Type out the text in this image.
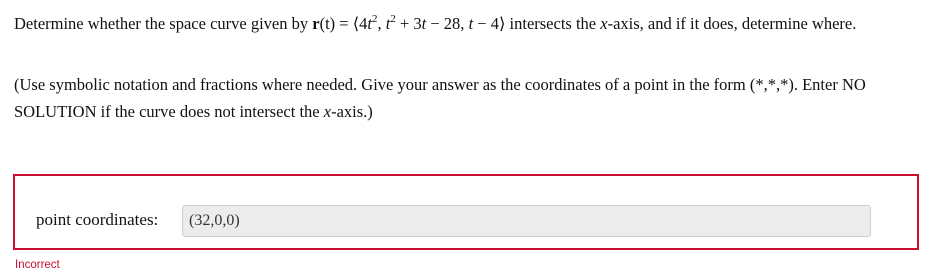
Determine whether the space curve given by $r(t) = ⟨4t^2$, $t^2 + 3t - 28$, t − 4⟩ intersects the x-axis, and if it does, determine where.
(Use symbolic notation and fractions where needed. Give your answer as the coordinates of a point in the form (*,*,*). Enter NO SOLUTION if the curve does not intersect the x-axis.)
point coordinates:	(32,0,0)
Incorrect
